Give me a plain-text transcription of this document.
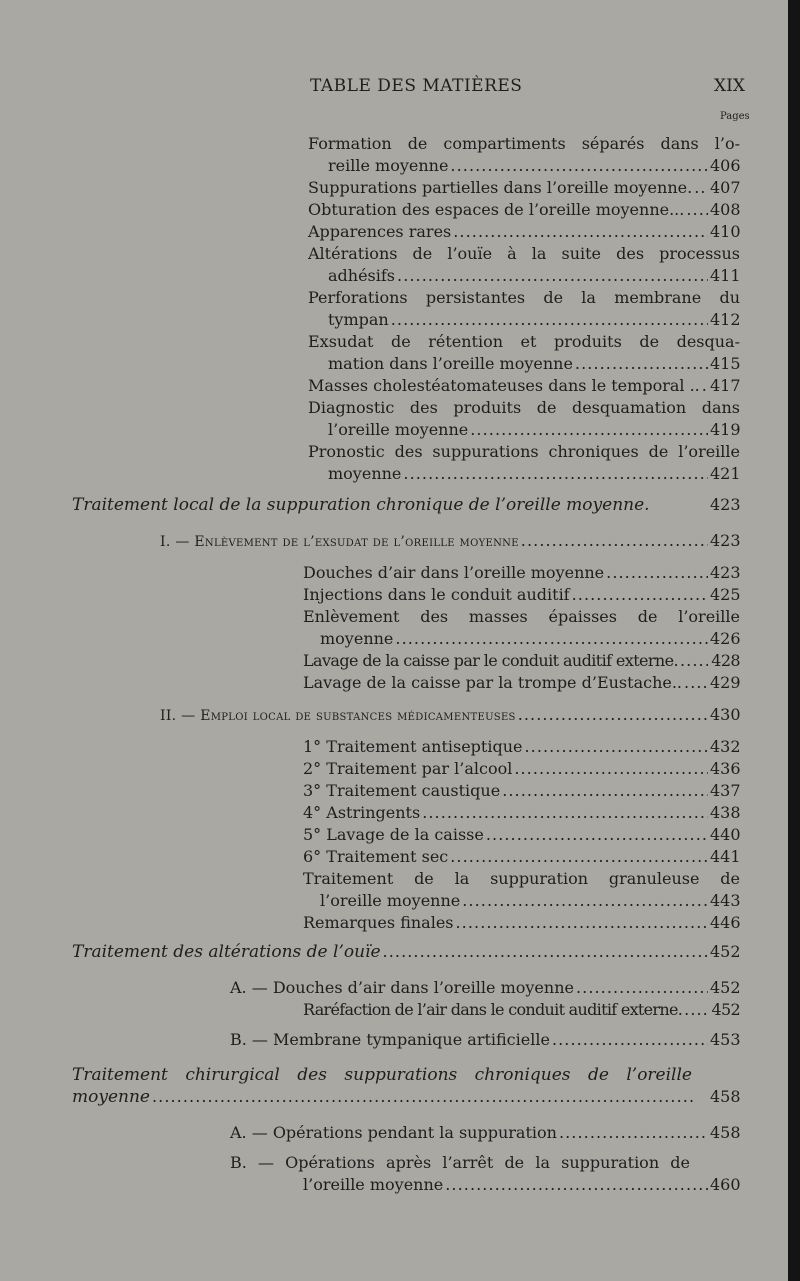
TABLE DES MATIÈRES	XIX
Pages
Formation de compartiments séparés dans l’o-
reille moyenne . . .	406
Suppurations partielles dans l’oreille moyenne. . . . 407
Obturation des espaces de l’oreille moyenne... . . . 408
Apparences rares . . .	410
Altérations de l’ouïe à la suite des processus
adhésifs . . .	411
Perforations persistantes de la membrane du
tympan . . .	412
Exsudat de rétention et produits de desqua-
mation dans l’oreille moyenne . . .	415
Masses cholestéatomateuses dans le temporal .. . . . 417
Diagnostic des produits de desquamation dans
l’oreille moyenne . . .	419
Pronostic des suppurations chroniques de l’oreille
moyenne . . .	421
Traitement local de la suppuration chronique de l’oreille moyenne.	423
I. — Enlèvement de l’exsudat de l’oreille moyenne . . .	423
Douches d’air dans l’oreille moyenne . . .	423
Injections dans le conduit auditif . . .	425
Enlèvement des masses épaisses de l’oreille
moyenne . . .	426
Lavage de la caisse par le conduit auditif externe. . . . 428
Lavage de la caisse par la trompe d’Eustache.. . . . 429
II. — Emploi local de substances médicamenteuses . . .	430
1° Traitement antiseptique . . .	432
2° Traitement par l’alcool . . .	436
3° Traitement caustique . . .	437
4° Astringents . . .	438
5° Lavage de la caisse . . .	440
6° Traitement sec . . .	441
Traitement de la suppuration granuleuse de
l’oreille moyenne . . .	443
Remarques finales . . .	446
Traitement des altérations de l’ouïe . . .	452
A. — Douches d’air dans l’oreille moyenne . . .	452
Raréfaction de l’air dans le conduit auditif externe. . . . 452
B. — Membrane tympanique artificielle . . .	453
Traitement chirurgical des suppurations chroniques de l’oreille
moyenne . . .	458
A. — Opérations pendant la suppuration . . .	458
B. — Opérations après l’arrêt de la suppuration de
l’oreille moyenne . . .	460
